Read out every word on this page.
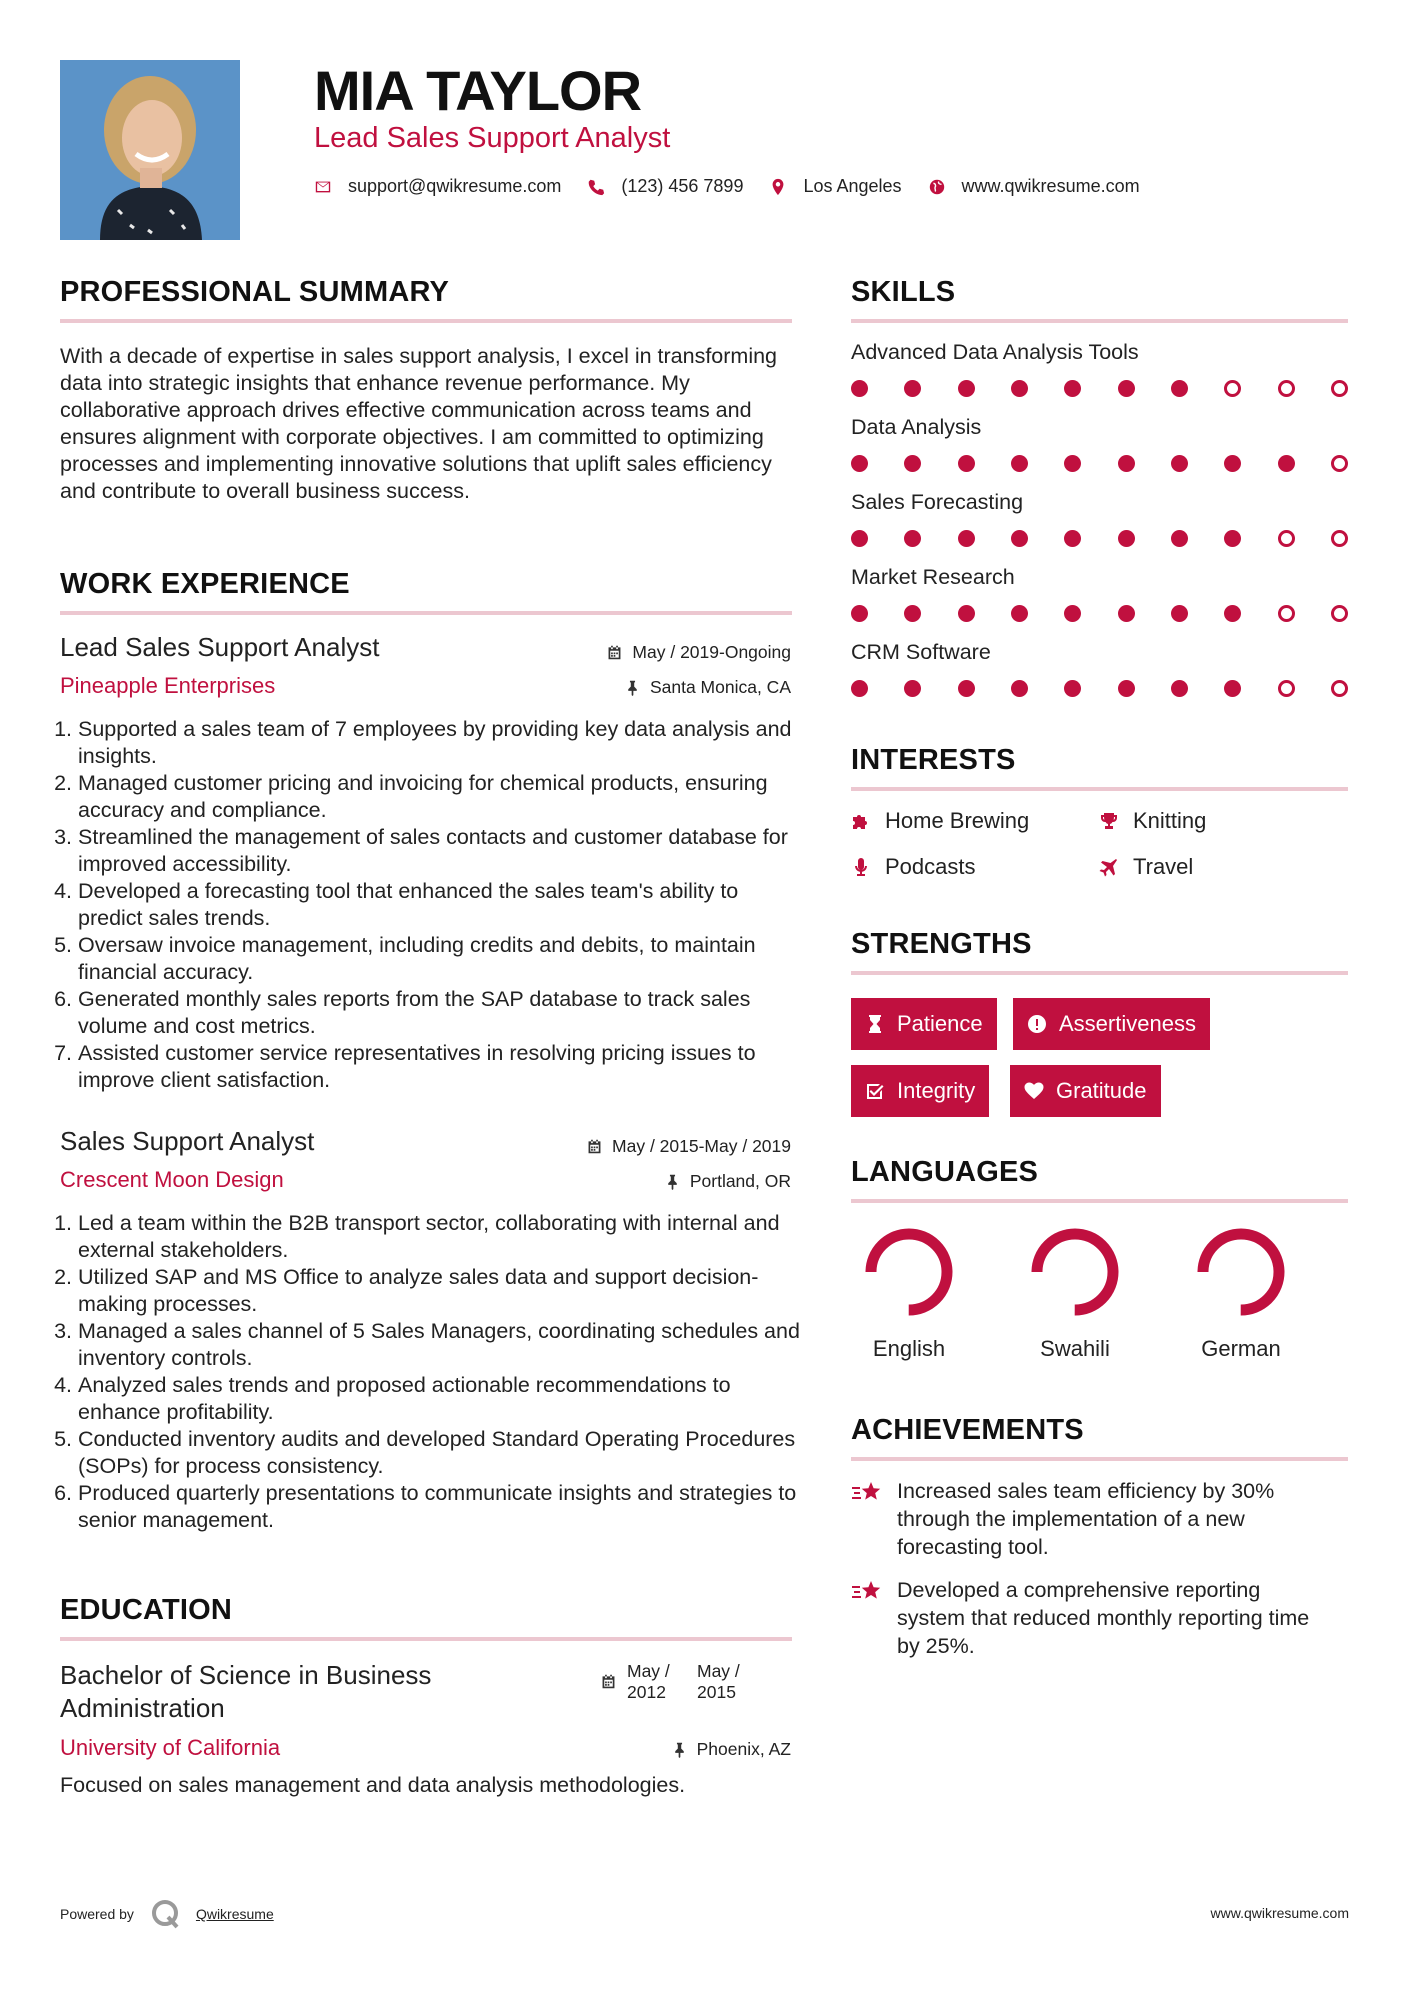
MIA TAYLOR
Lead Sales Support Analyst
support@qwikresume.com	(123) 456 7899	Los Angeles	www.qwikresume.com
PROFESSIONAL SUMMARY
With a decade of expertise in sales support analysis, I excel in transforming data into strategic insights that enhance revenue performance. My collaborative approach drives effective communication across teams and ensures alignment with corporate objectives. I am committed to optimizing processes and implementing innovative solutions that uplift sales efficiency and contribute to overall business success.
WORK EXPERIENCE
Lead Sales Support Analyst	May / 2019-Ongoing
Pineapple Enterprises	Santa Monica, CA
1. Supported a sales team of 7 employees by providing key data analysis and insights.
2. Managed customer pricing and invoicing for chemical products, ensuring accuracy and compliance.
3. Streamlined the management of sales contacts and customer database for improved accessibility.
4. Developed a forecasting tool that enhanced the sales team's ability to predict sales trends.
5. Oversaw invoice management, including credits and debits, to maintain financial accuracy.
6. Generated monthly sales reports from the SAP database to track sales volume and cost metrics.
7. Assisted customer service representatives in resolving pricing issues to improve client satisfaction.
Sales Support Analyst	May / 2015-May / 2019
Crescent Moon Design	Portland, OR
1. Led a team within the B2B transport sector, collaborating with internal and external stakeholders.
2. Utilized SAP and MS Office to analyze sales data and support decision-making processes.
3. Managed a sales channel of 5 Sales Managers, coordinating schedules and inventory controls.
4. Analyzed sales trends and proposed actionable recommendations to enhance profitability.
5. Conducted inventory audits and developed Standard Operating Procedures (SOPs) for process consistency.
6. Produced quarterly presentations to communicate insights and strategies to senior management.
EDUCATION
Bachelor of Science in Business Administration
May /
2012
May /
2015
University of California	Phoenix, AZ
Focused on sales management and data analysis methodologies.
SKILLS
Advanced Data Analysis Tools
Data Analysis
Sales Forecasting
Market Research
CRM Software
INTERESTS
Home Brewing	Knitting
Podcasts	Travel
STRENGTHS
Patience	Assertiveness
Integrity	Gratitude
LANGUAGES
English	Swahili	German
ACHIEVEMENTS
Increased sales team efficiency by 30% through the implementation of a new forecasting tool.
Developed a comprehensive reporting system that reduced monthly reporting time by 25%.
Powered by	Qwikresume	www.qwikresume.com
